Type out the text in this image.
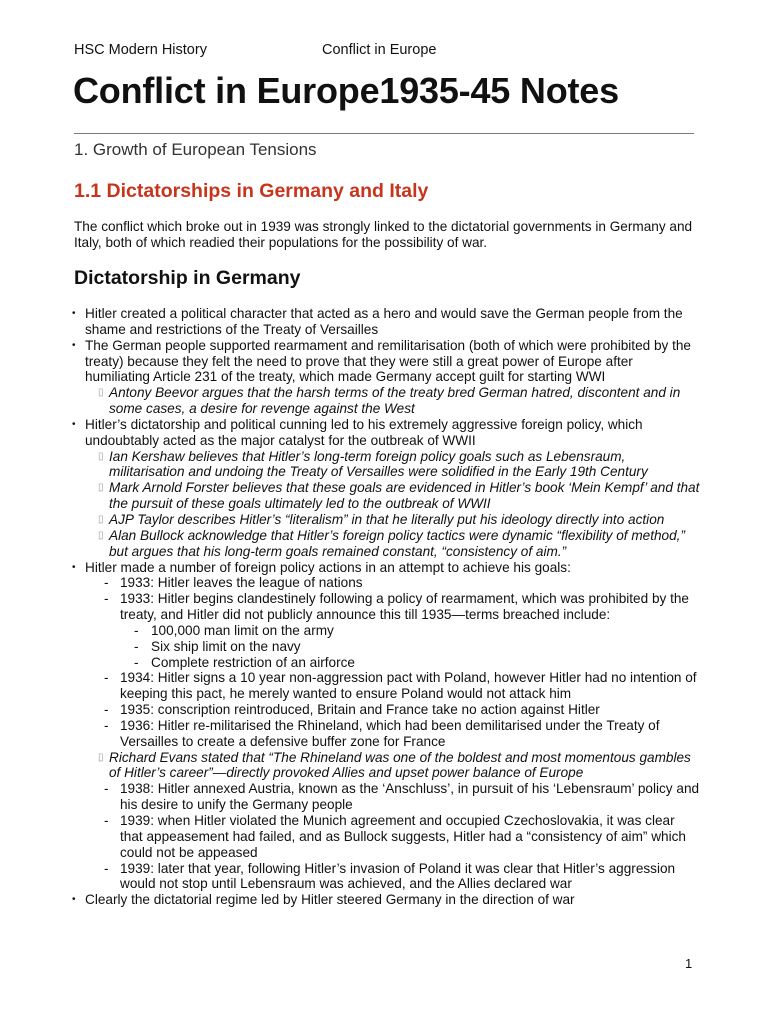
HSC Modern History	Conflict in Europe
Conflict in Europe1935-45 Notes
1. Growth of European Tensions
1.1 Dictatorships in Germany and Italy

The conflict which broke out in 1939 was strongly linked to the dictatorial governments in Germany and Italy, both of which readied their populations for the possibility of war.

Dictatorship in Germany
• Hitler created a political character that acted as a hero and would save the German people from the shame and restrictions of the Treaty of Versailles
• The German people supported rearmament and remilitarisation (both of which were prohibited by the treaty) because they felt the need to prove that they were still a great power of Europe after humiliating Article 231 of the treaty, which made Germany accept guilt for starting WWI
▯ Antony Beevor argues that the harsh terms of the treaty bred German hatred, discontent and in some cases, a desire for revenge against the West
• Hitler’s dictatorship and political cunning led to his extremely aggressive foreign policy, which undoubtably acted as the major catalyst for the outbreak of WWII
▯ Ian Kershaw believes that Hitler’s long-term foreign policy goals such as Lebensraum, militarisation and undoing the Treaty of Versailles were solidified in the Early 19th Century
▯ Mark Arnold Forster believes that these goals are evidenced in Hitler’s book ‘Mein Kempf’ and that the pursuit of these goals ultimately led to the outbreak of WWII
▯ AJP Taylor describes Hitler’s “literalism” in that he literally put his ideology directly into action
▯ Alan Bullock acknowledge that Hitler’s foreign policy tactics were dynamic “flexibility of method,” but argues that his long-term goals remained constant, “consistency of aim.”
• Hitler made a number of foreign policy actions in an attempt to achieve his goals:
- 1933: Hitler leaves the league of nations
- 1933: Hitler begins clandestinely following a policy of rearmament, which was prohibited by the treaty, and Hitler did not publicly announce this till 1935—terms breached include:
- 100,000 man limit on the army
- Six ship limit on the navy
- Complete restriction of an airforce
- 1934: Hitler signs a 10 year non-aggression pact with Poland, however Hitler had no intention of keeping this pact, he merely wanted to ensure Poland would not attack him
- 1935: conscription reintroduced, Britain and France take no action against Hitler
- 1936: Hitler re-militarised the Rhineland, which had been demilitarised under the Treaty of Versailles to create a defensive buffer zone for France
▯ Richard Evans stated that “The Rhineland was one of the boldest and most momentous gambles of Hitler’s career”—directly provoked Allies and upset power balance of Europe
- 1938: Hitler annexed Austria, known as the ‘Anschluss’, in pursuit of his ‘Lebensraum’ policy and his desire to unify the Germany people
- 1939: when Hitler violated the Munich agreement and occupied Czechoslovakia, it was clear that appeasement had failed, and as Bullock suggests, Hitler had a “consistency of aim” which could not be appeased
- 1939: later that year, following Hitler’s invasion of Poland it was clear that Hitler’s aggression would not stop until Lebensraum was achieved, and the Allies declared war
• Clearly the dictatorial regime led by Hitler steered Germany in the direction of war
1
